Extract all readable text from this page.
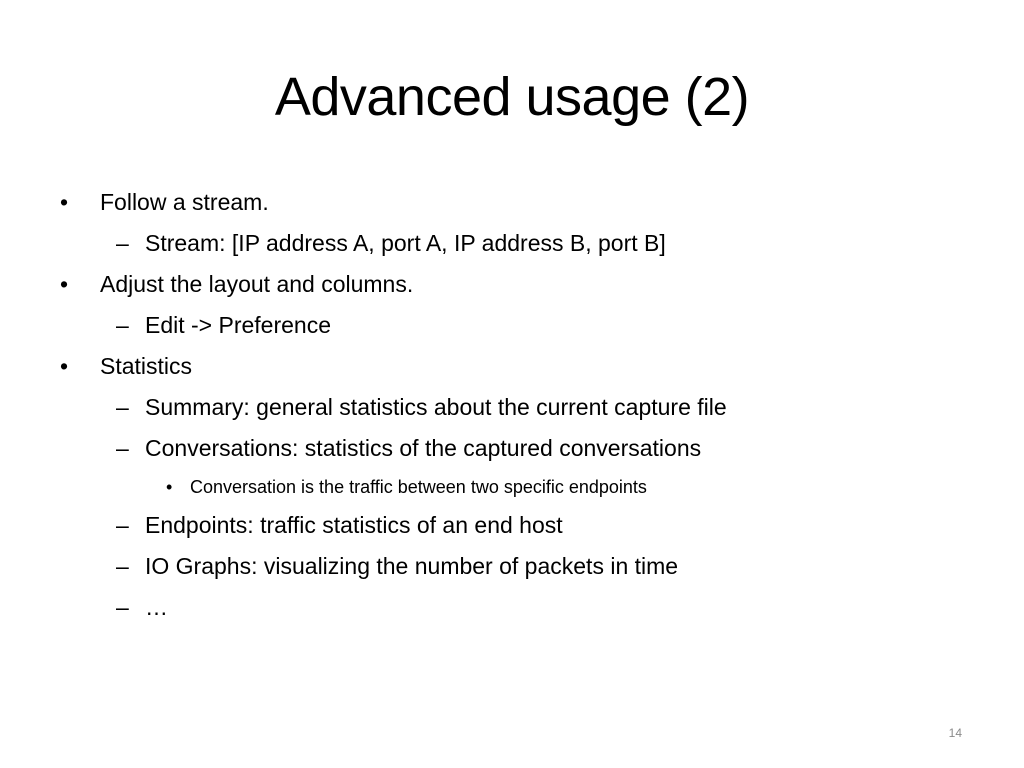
Advanced usage (2)
• Follow a stream.
– Stream: [IP address A, port A, IP address B, port B]
• Adjust the layout and columns.
– Edit -> Preference
• Statistics
– Summary: general statistics about the current capture file
– Conversations: statistics of the captured conversations
• Conversation is the traffic between two specific endpoints
– Endpoints: traffic statistics of an end host
– IO Graphs: visualizing the number of packets in time
– …
14
